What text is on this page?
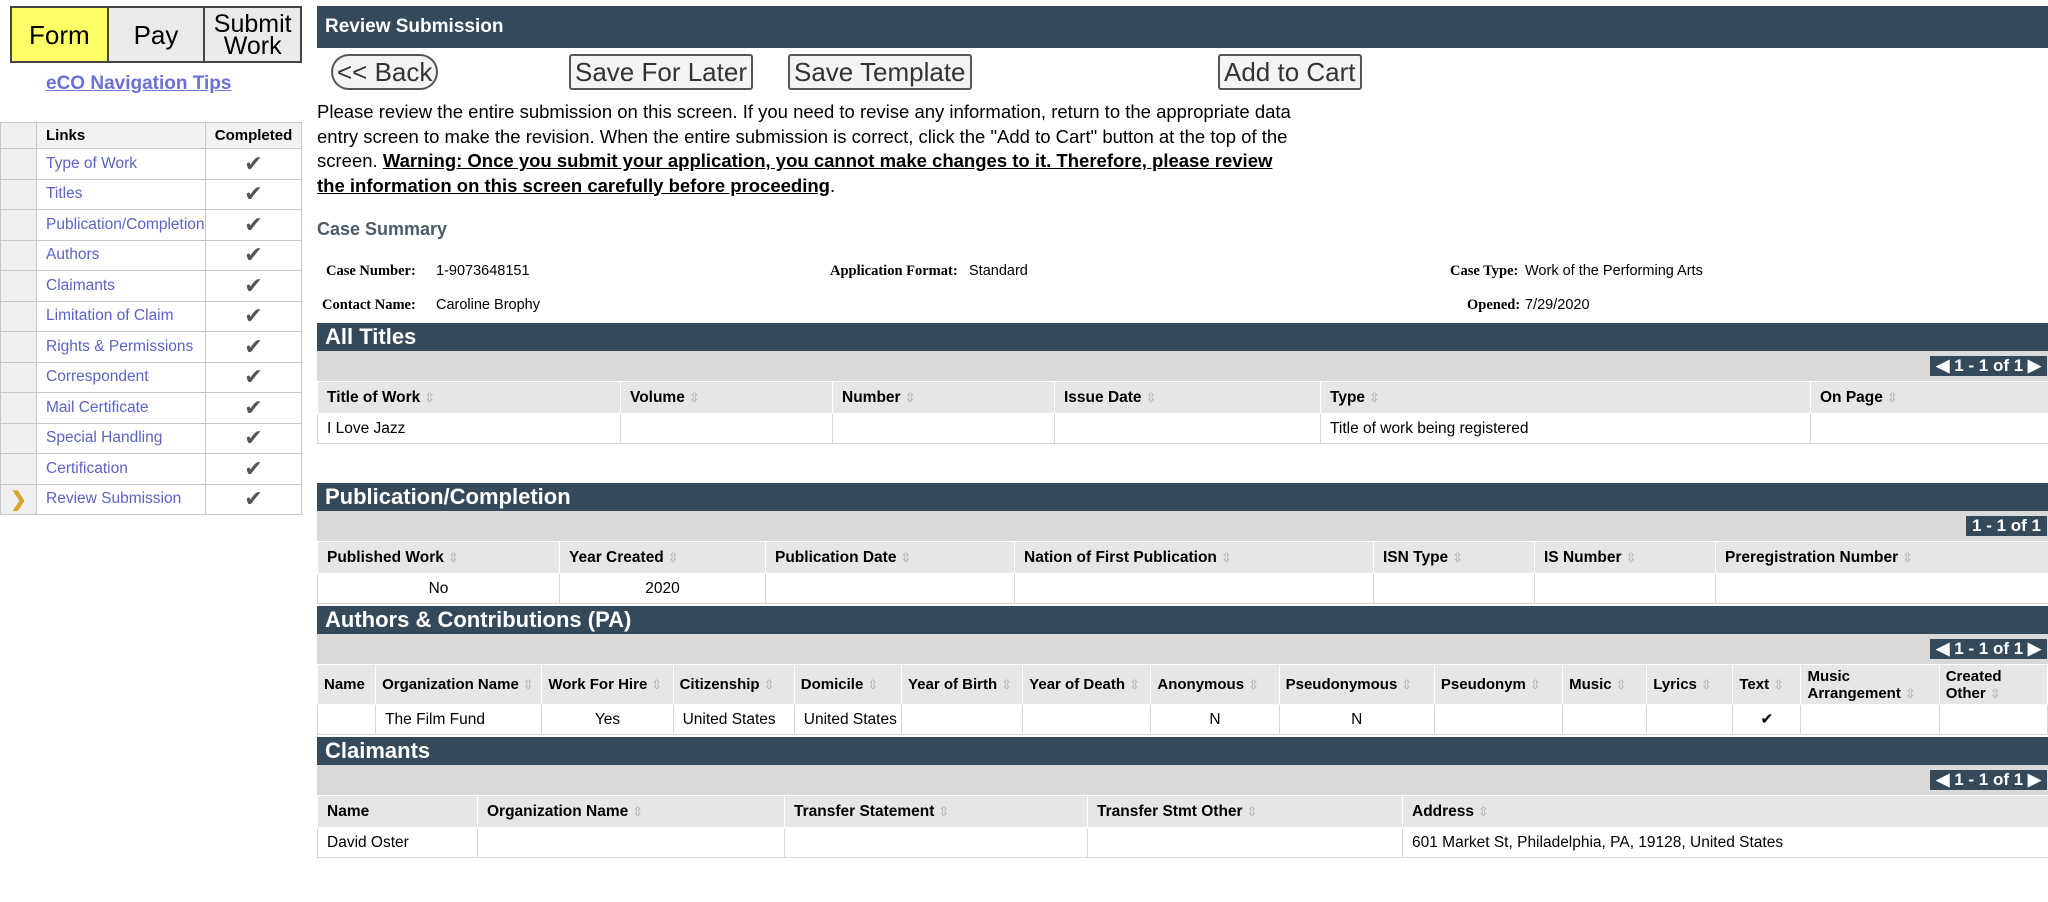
Form	Pay	Submit Work
eCO Navigation Tips
	Links	Completed
	Type of Work	✔
	Titles	✔
	Publication/Completion	✔
	Authors	✔
	Claimants	✔
	Limitation of Claim	✔
	Rights & Permissions	✔
	Correspondent	✔
	Mail Certificate	✔
	Special Handling	✔
	Certification	✔

❯	Review Submission	✔
Review Submission
<< Back	Save For Later Save Template	Add to Cart
Please review the entire submission on this screen. If you need to revise any information, return to the appropriate data entry screen to make the revision. When the entire submission is correct, click the "Add to Cart" button at the top of the screen. Warning: Once you submit your application, you cannot make changes to it. Therefore, please review the information on this screen carefully before proceeding.
Case Summary
Case Number: 1-9073648151	Application Format: Standard	Case Type: Work of the Performing Arts
Contact Name: Caroline Brophy	Opened: 7/29/2020
All Titles
◀ 1 - 1 of 1 ▶
Title of Work ⇳	Volume ⇳	Number ⇳	Issue Date ⇳	Type ⇳	On Page ⇳
I Love Jazz				Title of work being registered	
Publication/Completion
1 - 1 of 1
Published Work ⇳	Year Created ⇳	Publication Date ⇳	Nation of First Publication ⇳	ISN Type ⇳	IS Number ⇳	Preregistration Number ⇳
No	2020					
Authors & Contributions (PA)
◀ 1 - 1 of 1 ▶
Name	Organization Name ⇳	Work For Hire ⇳	Citizenship ⇳	Domicile ⇳	Year of Birth ⇳	Year of Death ⇳	Anonymous ⇳	Pseudonymous ⇳	Pseudonym ⇳	Music ⇳	Lyrics ⇳	Text ⇳	Music Arrangement ⇳	Created Other ⇳
	The Film Fund	Yes	United States	United States			N	N				✔		
Claimants
◀ 1 - 1 of 1 ▶
Name	Organization Name ⇳	Transfer Statement ⇳	Transfer Stmt Other ⇳	Address ⇳
David Oster				601 Market St, Philadelphia, PA, 19128, United States
